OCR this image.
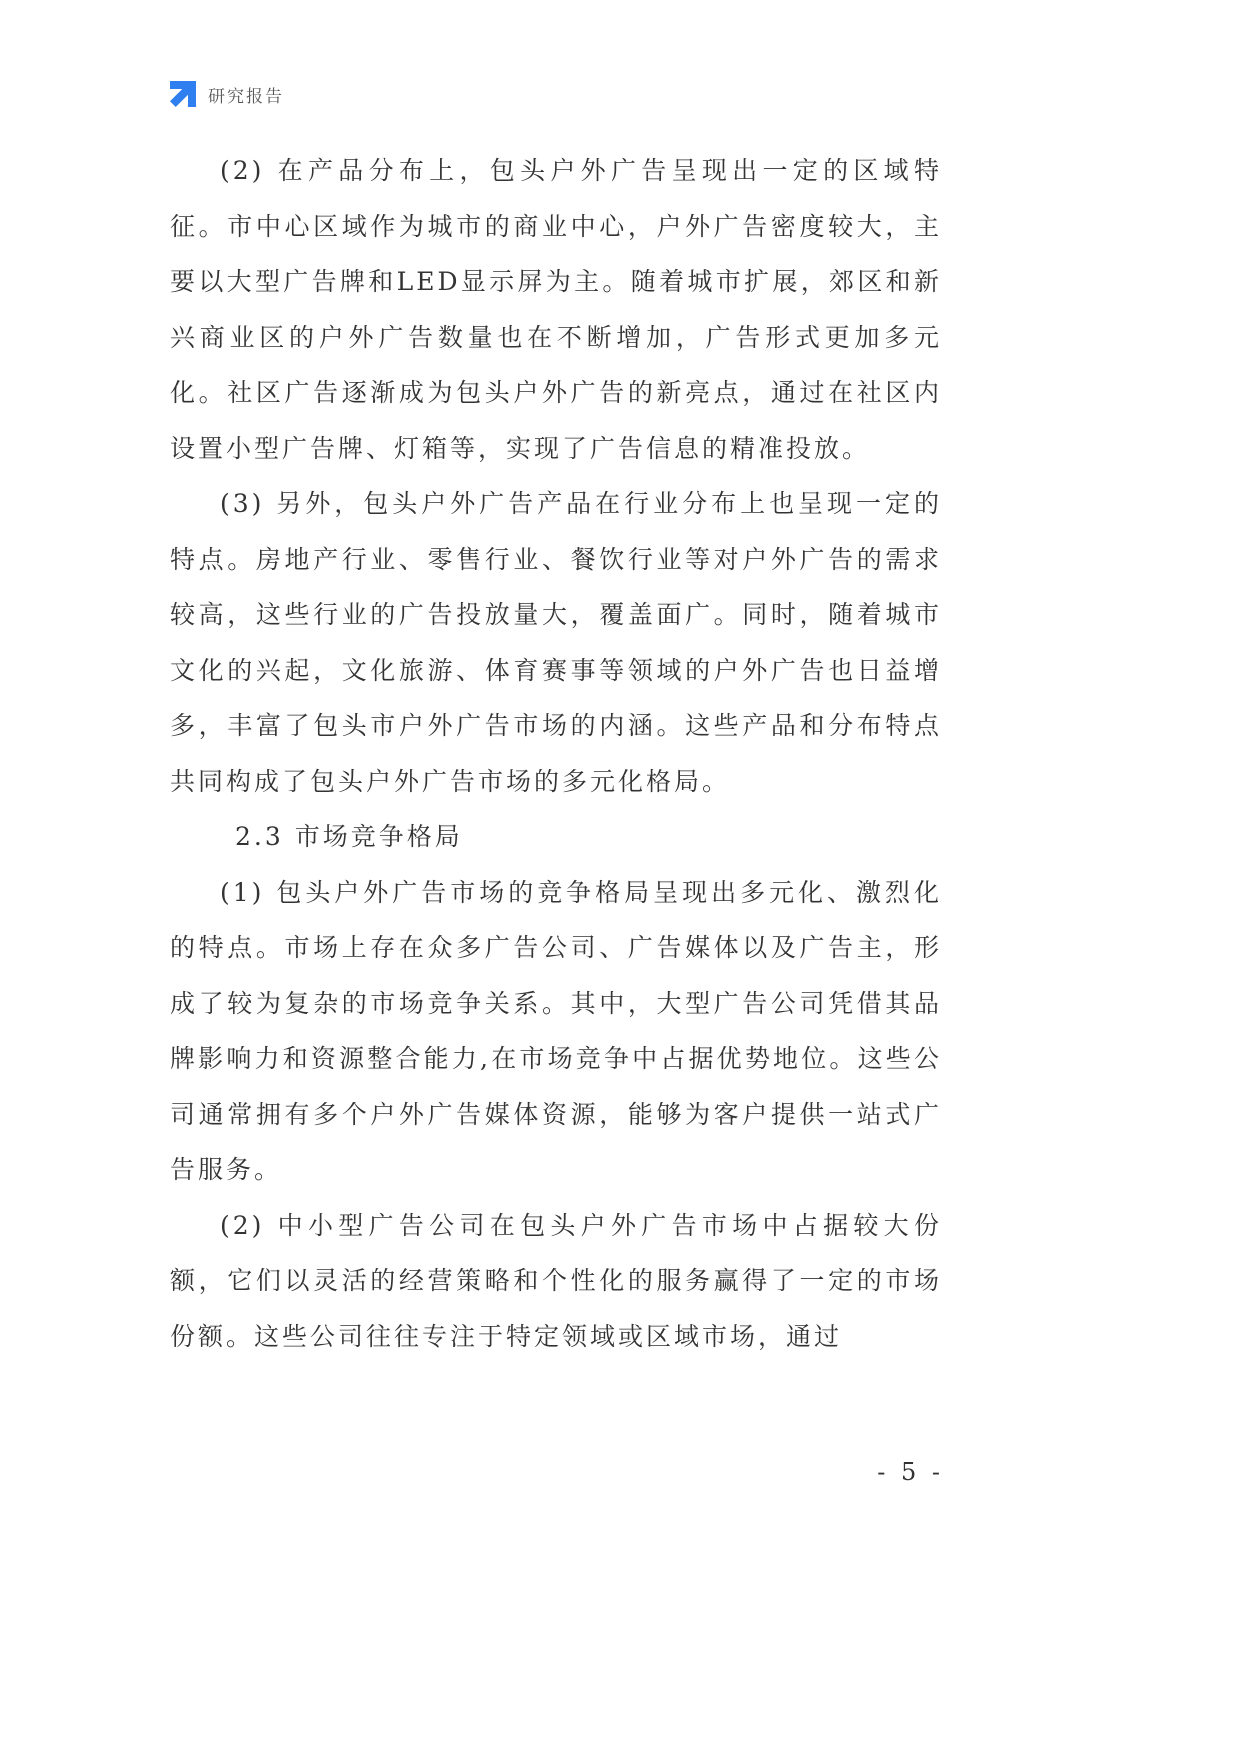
研究报告

(2) 在产品分布上，包头户外广告呈现出一定的区域特征。市中心区域作为城市的商业中心，户外广告密度较大，主要以大型广告牌和LED显示屏为主。随着城市扩展，郊区和新兴商业区的户外广告数量也在不断增加，广告形式更加多元化。社区广告逐渐成为包头户外广告的新亮点，通过在社区内设置小型广告牌、灯箱等，实现了广告信息的精准投放。

(3) 另外，包头户外广告产品在行业分布上也呈现一定的特点。房地产行业、零售行业、餐饮行业等对户外广告的需求较高，这些行业的广告投放量大，覆盖面广。同时，随着城市文化的兴起，文化旅游、体育赛事等领域的户外广告也日益增多，丰富了包头市户外广告市场的内涵。这些产品和分布特点共同构成了包头户外广告市场的多元化格局。

2.3 市场竞争格局

(1) 包头户外广告市场的竞争格局呈现出多元化、激烈化的特点。市场上存在众多广告公司、广告媒体以及广告主，形成了较为复杂的市场竞争关系。其中，大型广告公司凭借其品牌影响力和资源整合能力,在市场竞争中占据优势地位。这些公司通常拥有多个户外广告媒体资源，能够为客户提供一站式广告服务。

(2) 中小型广告公司在包头户外广告市场中占据较大份额，它们以灵活的经营策略和个性化的服务赢得了一定的市场份额。这些公司往往专注于特定领域或区域市场，通过

- 5 -
